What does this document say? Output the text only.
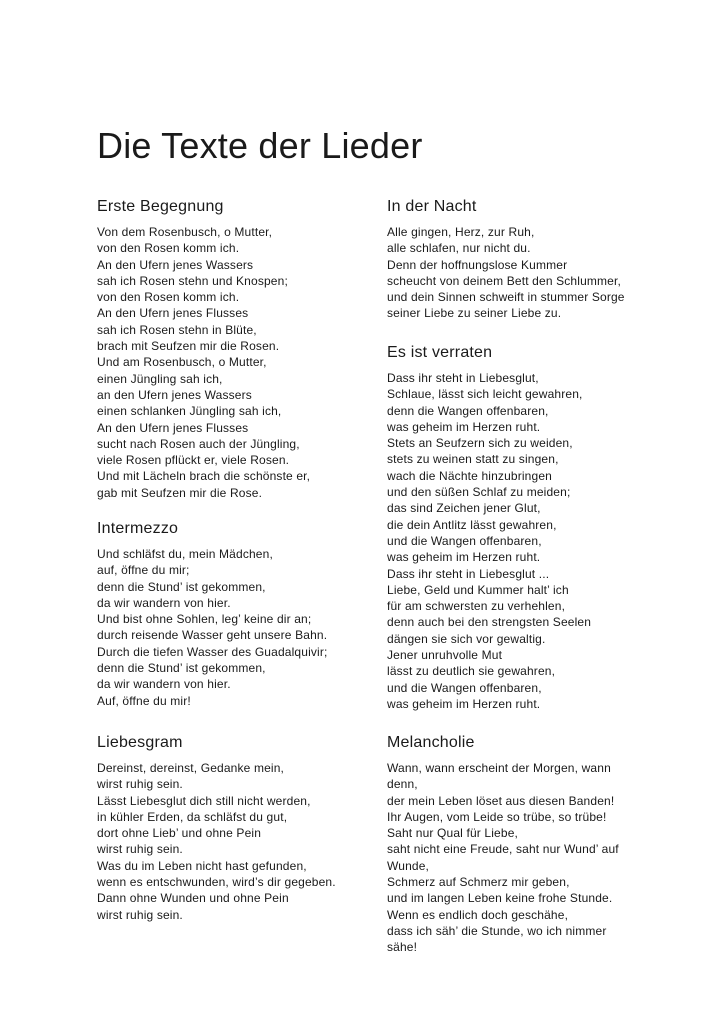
Die Texte der Lieder
Erste Begegnung
Von dem Rosenbusch, o Mutter,
von den Rosen komm ich.
An den Ufern jenes Wassers
sah ich Rosen stehn und Knospen;
von den Rosen komm ich.
An den Ufern jenes Flusses
sah ich Rosen stehn in Blüte,
brach mit Seufzen mir die Rosen.
Und am Rosenbusch, o Mutter,
einen Jüngling sah ich,
an den Ufern jenes Wassers
einen schlanken Jüngling sah ich,
An den Ufern jenes Flusses
sucht nach Rosen auch der Jüngling,
viele Rosen pflückt er, viele Rosen.
Und mit Lächeln brach die schönste er,
gab mit Seufzen mir die Rose.
Intermezzo
Und schläfst du, mein Mädchen,
auf, öffne du mir;
denn die Stund’ ist gekommen,
da wir wandern von hier.
Und bist ohne Sohlen, leg’ keine dir an;
durch reisende Wasser geht unsere Bahn.
Durch die tiefen Wasser des Guadalquivir;
denn die Stund’ ist gekommen,
da wir wandern von hier.
Auf, öffne du mir!
Liebesgram
Dereinst, dereinst, Gedanke mein,
wirst ruhig sein.
Lässt Liebesglut dich still nicht werden,
in kühler Erden, da schläfst du gut,
dort ohne Lieb’ und ohne Pein
wirst ruhig sein.
Was du im Leben nicht hast gefunden,
wenn es entschwunden, wird’s dir gegeben.
Dann ohne Wunden und ohne Pein
wirst ruhig sein.
In der Nacht
Alle gingen, Herz, zur Ruh,
alle schlafen, nur nicht du.
Denn der hoffnungslose Kummer
scheucht von deinem Bett den Schlummer,
und dein Sinnen schweift in stummer Sorge
seiner Liebe zu seiner Liebe zu.
Es ist verraten
Dass ihr steht in Liebesglut,
Schlaue, lässt sich leicht gewahren,
denn die Wangen offenbaren,
was geheim im Herzen ruht.
Stets an Seufzern sich zu weiden,
stets zu weinen statt zu singen,
wach die Nächte hinzubringen
und den süßen Schlaf zu meiden;
das sind Zeichen jener Glut,
die dein Antlitz lässt gewahren,
und die Wangen offenbaren,
was geheim im Herzen ruht.
Dass ihr steht in Liebesglut ...
Liebe, Geld und Kummer halt’ ich
für am schwersten zu verhehlen,
denn auch bei den strengsten Seelen
dängen sie sich vor gewaltig.
Jener unruhvolle Mut
lässt zu deutlich sie gewahren,
und die Wangen offenbaren,
was geheim im Herzen ruht.
Melancholie
Wann, wann erscheint der Morgen, wann
denn,
der mein Leben löset aus diesen Banden!
Ihr Augen, vom Leide so trübe, so trübe!
Saht nur Qual für Liebe,
saht nicht eine Freude, saht nur Wund’ auf
Wunde,
Schmerz auf Schmerz mir geben,
und im langen Leben keine frohe Stunde.
Wenn es endlich doch geschähe,
dass ich säh’ die Stunde, wo ich nimmer
sähe!
